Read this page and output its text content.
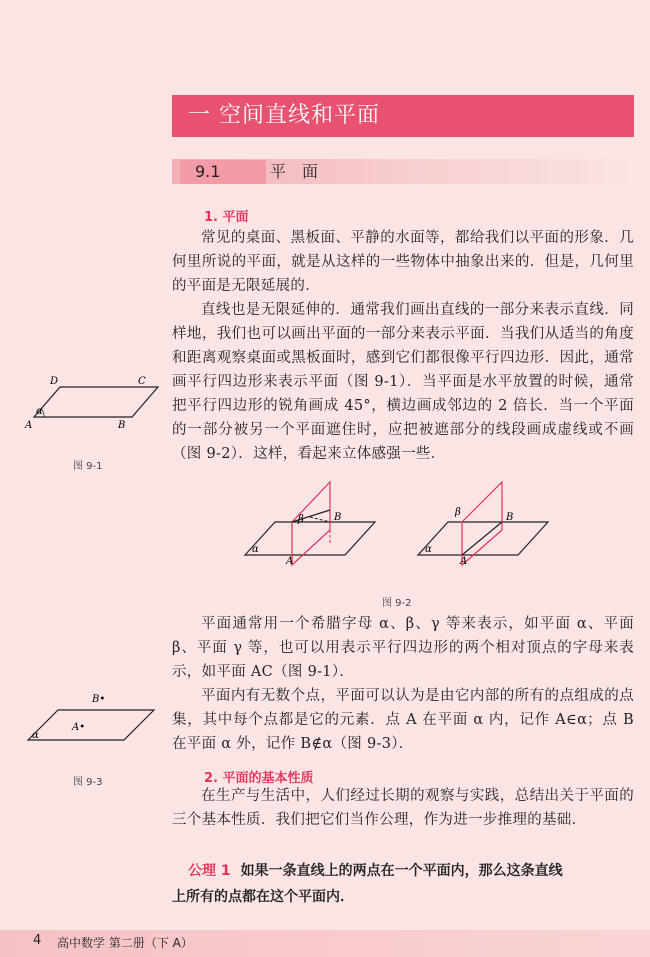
一 空间直线和平面
9.1	平面
1. 平面

常见的桌面、黑板面、平静的水面等，都给我们以平面的形象．几何里所说的平面，就是从这样的一些物体中抽象出来的．但是，几何里的平面是无限延展的．

直线也是无限延伸的．通常我们画出直线的一部分来表示直线．同样地，我们也可以画出平面的一部分来表示平面．当我们从适当的角度和距离观察桌面或黑板面时，感到它们都很像平行四边形．因此，通常画平行四边形来表示平面（图 9-1）．当平面是水平放置的时候，通常把平行四边形的锐角画成 45°，横边画成邻边的 2 倍长．当一个平面的一部分被另一个平面遮住时，应把被遮部分的线段画成虚线或不画（图 9-2）．这样，看起来立体感强一些．

D	C
A	B
α
图 9-1
β	B
A
α
β	B
A
α
图 9-2

平面通常用一个希腊字母 α、β、γ 等来表示，如平面 α、平面 β、平面 γ 等，也可以用表示平行四边形的两个相对顶点的字母来表示，如平面 AC（图 9-1）．

平面内有无数个点，平面可以认为是由它内部的所有的点组成的点集，其中每个点都是它的元素．点 A 在平面 α 内，记作 A∈α；点 B 在平面 α 外，记作 B∉α（图 9-3）．

B•
A•
α
图 9-3	2. 平面的基本性质

在生产与生活中，人们经过长期的观察与实践，总结出关于平面的三个基本性质．我们把它们当作公理，作为进一步推理的基础．

公理 1 如果一条直线上的两点在一个平面内，那么这条直线
上所有的点都在这个平面内．
4 高中数学 第二册（下 A）
